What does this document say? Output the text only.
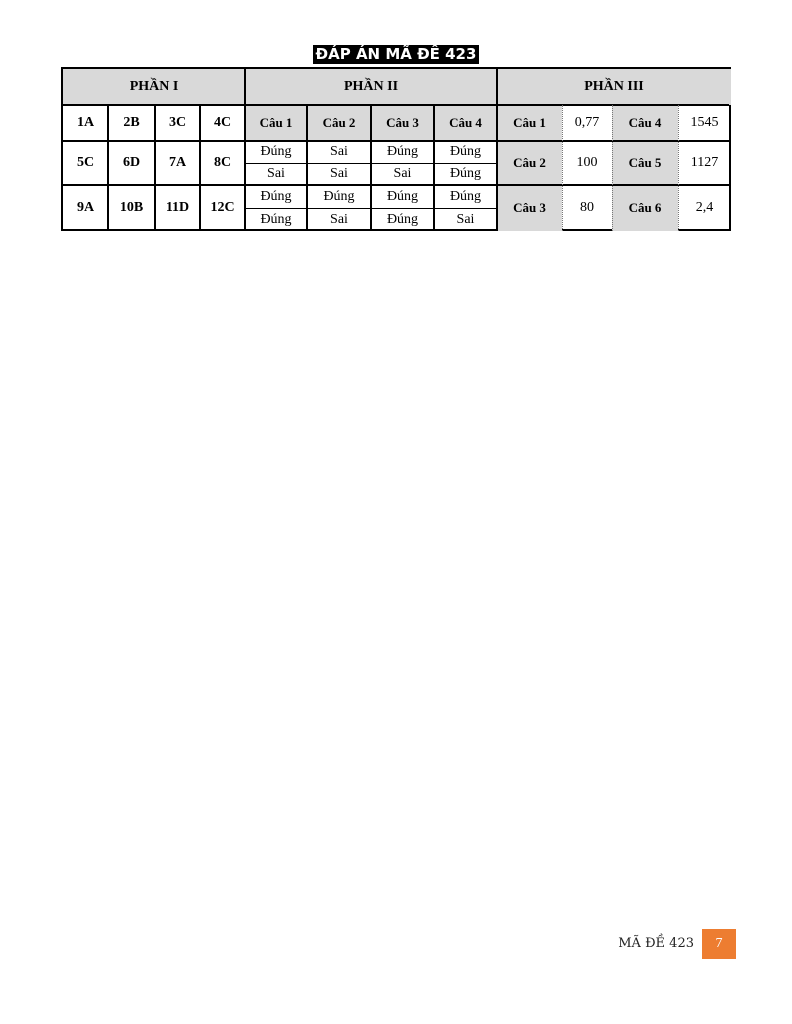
ĐÁP ÁN MÃ ĐỀ 423
PHẦN I	PHẦN II	PHẦN III
1A	2B	3C	4C
5C	6D	7A	8C
9A	10B	11D	12C
Câu 1	Câu 2	Câu 3	Câu 4
Đúng	Sai	Đúng	Đúng
Sai	Sai	Sai	Đúng
Đúng	Đúng	Đúng	Đúng
Đúng	Sai	Đúng	Sai
Câu 1	0,77	Câu 4	1545
Câu 2	100	Câu 5	1127
Câu 3	80	Câu 6	2,4
MÃ ĐỀ 423	7
